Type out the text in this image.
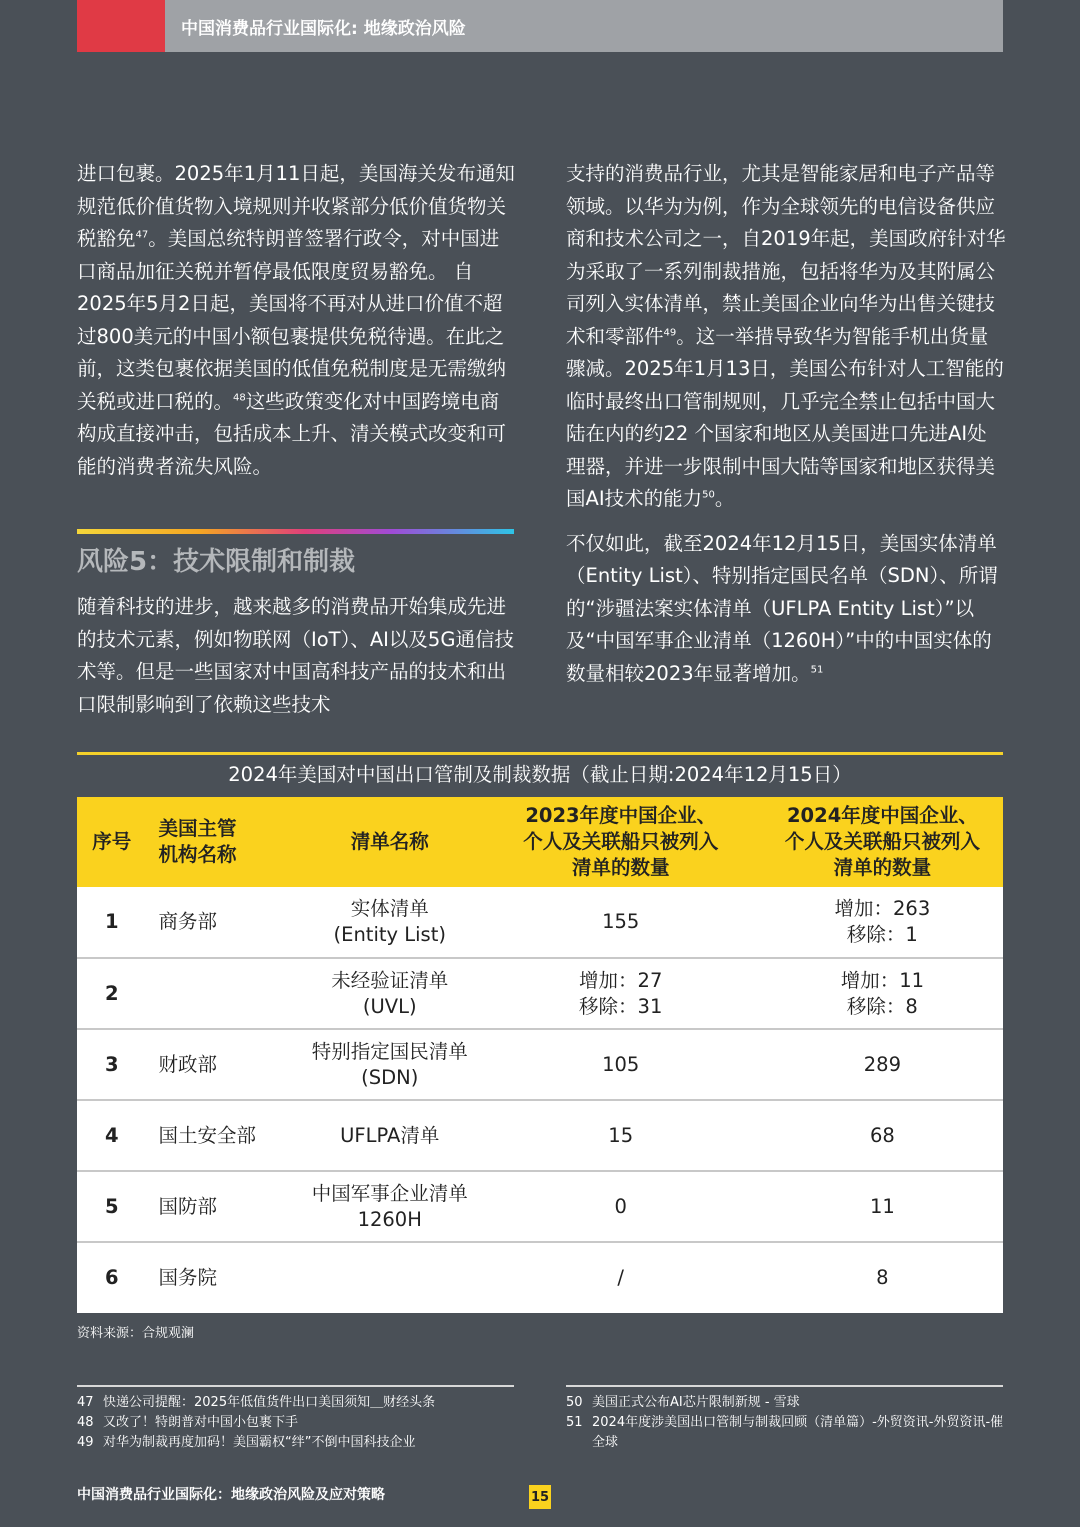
中国消费品行业国际化: 地缘政治风险

进口包裹。2025年1月11日起，美国海关发布通知规范低价值货物入境规则并收紧部分低价值货物关税豁免$^{47}$。美国总统特朗普签署行政令，对中国进口商品加征关税并暂停最低限度贸易豁免。 自2025年5月2日起，美国将不再对从进口价值不超过800美元的中国小额包裹提供免税待遇。在此之前，这类包裹依据美国的低值免税制度是无需缴纳关税或进口税的。$^{48}$这些政策变化对中国跨境电商构成直接冲击，包括成本上升、清关模式改变和可能的消费者流失风险。

风险5：技术限制和制裁

随着科技的进步，越来越多的消费品开始集成先进的技术元素，例如物联网（IoT）、AI以及5G通信技术等。但是一些国家对中国高科技产品的技术和出口限制影响到了依赖这些技术

支持的消费品行业，尤其是智能家居和电子产品等领域。以华为为例，作为全球领先的电信设备供应商和技术公司之一，自2019年起，美国政府针对华为采取了一系列制裁措施，包括将华为及其附属公司列入实体清单，禁止美国企业向华为出售关键技术和零部件$^{49}$。这一举措导致华为智能手机出货量骤减。2025年1月13日，美国公布针对人工智能的临时最终出口管制规则，几乎完全禁止包括中国大陆在内的约22 个国家和地区从美国进口先进AI处理器，并进一步限制中国大陆等国家和地区获得美国AI技术的能力$^{50}$。

不仅如此，截至2024年12月15日，美国实体清单（Entity List）、特别指定国民名单（SDN）、所谓的“涉疆法案实体清单（UFLPA Entity List）”以及“中国军事企业清单（1260H）”中的中国实体的数量相较2023年显著增加。$^{51}$

2024年美国对中国出口管制及制裁数据（截止日期:2024年12月15日）
序号	美国主管
机构名称	清单名称	2023年度中国企业、
个人及关联船只被列入
清单的数量	2024年度中国企业、
个人及关联船只被列入
清单的数量

1	商务部	实体清单
(Entity List)	155	增加：263
移除：1

2		未经验证清单
(UVL)	增加：27
移除：31	增加：11
移除：8

3	财政部	特别指定国民清单
(SDN)	105	289

4	国土安全部	UFLPA清单	15	68

5	国防部	中国军事企业清单
1260H	0	11

6	国务院		/	8
资料来源：合规观澜
47 快递公司提醒：2025年低值货件出口美国须知＿财经头条
48 又改了！特朗普对中国小包裹下手
49 对华为制裁再度加码！美国霸权“绊”不倒中国科技企业
50 美国正式公布AI芯片限制新规 - 雪球
51 2024年度涉美国出口管制与制裁回顾（清单篇）-外贸资讯-外贸资讯-催全球
中国消费品行业国际化：地缘政治风险及应对策略	15
